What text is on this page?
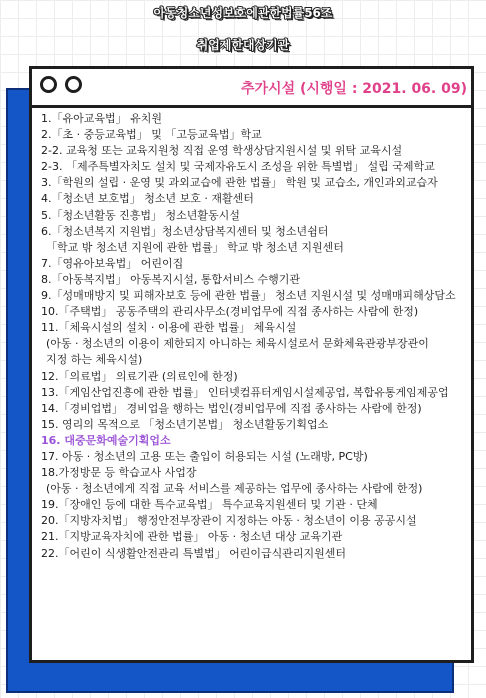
아동청소년성보호에관한법률56조
취업제한대상기관
추가시설 (시행일 : 2021. 06. 09)
1.「유아교육법」 유치원
2.「초 · 중등교육법」 및 「고등교육법」학교
2-2. 교육청 또는 교육지원청 직접 운영 학생상담지원시설 및 위탁 교육시설
2-3. 「제주특별자치도 설치 및 국제자유도시 조성을 위한 특별법」 설립 국제학교
3.「학원의 설립 · 운영 및 과외교습에 관한 법률」 학원 및 교습소, 개인과외교습자
4.「청소년 보호법」 청소년 보호 · 재활센터
5.「청소년활동 진흥법」 청소년활동시설
6.「청소년복지 지원법」청소년상담복지센터 및 청소년쉼터
「학교 밖 청소년 지원에 관한 법률」 학교 밖 청소년 지원센터
7.「영유아보육법」 어린이집
8.「아동복지법」 아동복지시설, 통합서비스 수행기관
9.「성매매방지 및 피해자보호 등에 관한 법률」 청소년 지원시설 및 성매매피해상담소
10.「주택법」 공동주택의 관리사무소(경비업무에 직접 종사하는 사람에 한정)
11.「체육시설의 설치 · 이용에 관한 법률」 체육시설
(아동 · 청소년의 이용이 제한되지 아니하는 체육시설로서 문화체육관광부장관이
지정 하는 체육시설)
12.「의료법」 의료기관 (의료인에 한정)
13.「게임산업진흥에 관한 법률」 인터넷컴퓨터게임시설제공업, 복합유통게임제공업
14.「경비업법」 경비업을 행하는 법인(경비업무에 직접 종사하는 사람에 한정)
15. 영리의 목적으로 「청소년기본법」 청소년활동기획업소
16. 대중문화예술기획업소
17. 아동 · 청소년의 고용 또는 출입이 허용되는 시설 (노래방, PC방)
18.가정방문 등 학습교사 사업장
(아동 · 청소년에게 직접 교육 서비스를 제공하는 업무에 종사하는 사람에 한정)
19.「장애인 등에 대한 특수교육법」 특수교육지원센터 및 기관 · 단체
20.「지방자치법」 행정안전부장관이 지정하는 아동 · 청소년이 이용 공공시설
21.「지방교육자치에 관한 법률」 아동 · 청소년 대상 교육기관
22.「어린이 식생활안전관리 특별법」 어린이급식관리지원센터
